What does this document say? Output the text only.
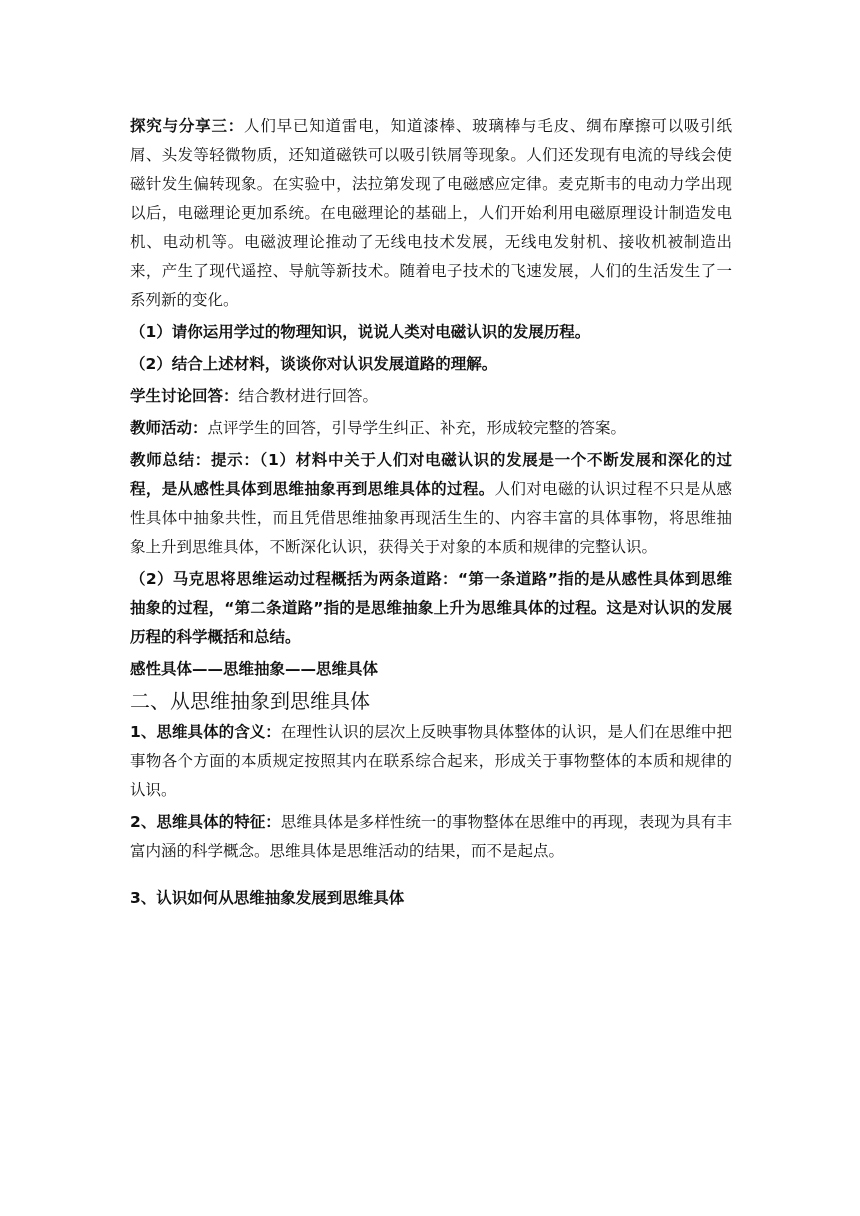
探究与分享三：人们早已知道雷电，知道漆棒、玻璃棒与毛皮、绸布摩擦可以吸引纸屑、头发等轻微物质，还知道磁铁可以吸引铁屑等现象。人们还发现有电流的导线会使磁针发生偏转现象。在实验中，法拉第发现了电磁感应定律。麦克斯韦的电动力学出现以后，电磁理论更加系统。在电磁理论的基础上，人们开始利用电磁原理设计制造发电机、电动机等。电磁波理论推动了无线电技术发展，无线电发射机、接收机被制造出来，产生了现代遥控、导航等新技术。随着电子技术的飞速发展，人们的生活发生了一系列新的变化。

（1）请你运用学过的物理知识，说说人类对电磁认识的发展历程。

（2）结合上述材料，谈谈你对认识发展道路的理解。

学生讨论回答：结合教材进行回答。

教师活动：点评学生的回答，引导学生纠正、补充，形成较完整的答案。

教师总结：提示：（1）材料中关于人们对电磁认识的发展是一个不断发展和深化的过程，是从感性具体到思维抽象再到思维具体的过程。人们对电磁的认识过程不只是从感性具体中抽象共性，而且凭借思维抽象再现活生生的、内容丰富的具体事物，将思维抽象上升到思维具体，不断深化认识，获得关于对象的本质和规律的完整认识。

（2）马克思将思维运动过程概括为两条道路：“第一条道路”指的是从感性具体到思维抽象的过程，“第二条道路”指的是思维抽象上升为思维具体的过程。这是对认识的发展历程的科学概括和总结。

感性具体——思维抽象——思维具体

二、从思维抽象到思维具体

1、思维具体的含义：在理性认识的层次上反映事物具体整体的认识，是人们在思维中把事物各个方面的本质规定按照其内在联系综合起来，形成关于事物整体的本质和规律的认识。

2、思维具体的特征：思维具体是多样性统一的事物整体在思维中的再现，表现为具有丰富内涵的科学概念。思维具体是思维活动的结果，而不是起点。

3、认识如何从思维抽象发展到思维具体
